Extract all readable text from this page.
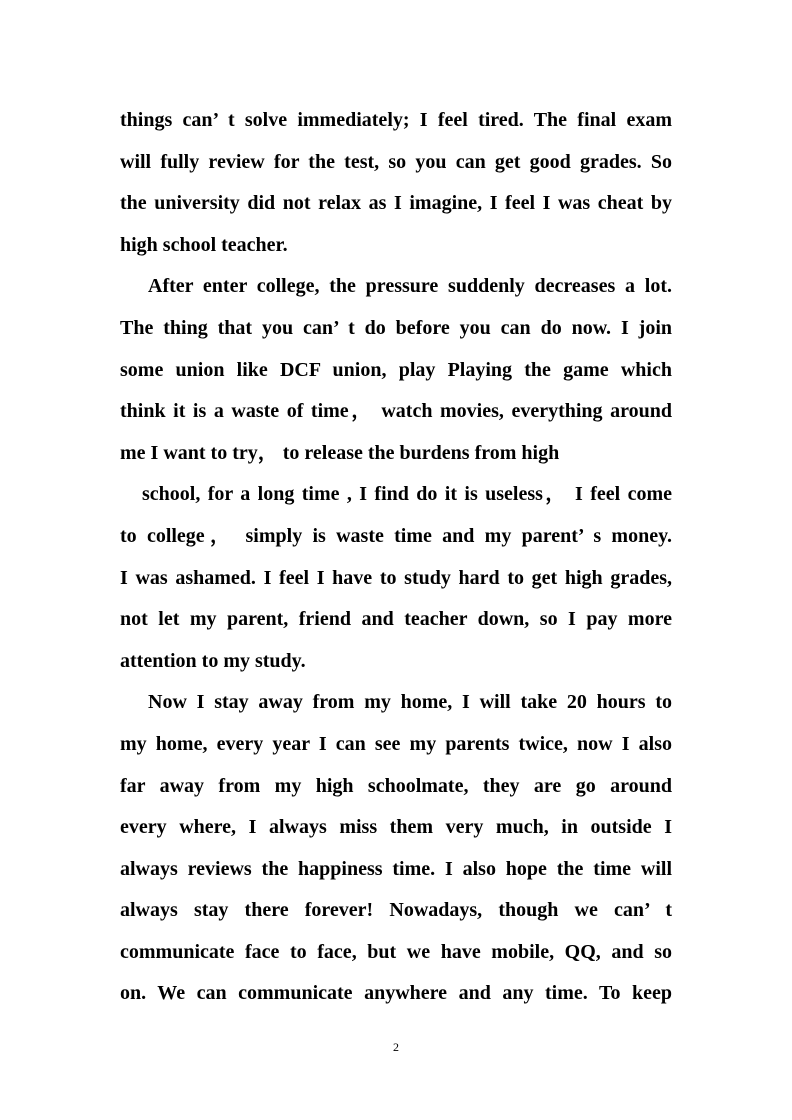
things can’ t solve immediately; I feel tired. The final exam
will fully review for the test, so you can get good grades. So
the university did not relax as I imagine, I feel I was cheat by
high school teacher.
After enter college, the pressure suddenly decreases a lot.
The thing that you can’ t do before you can do now. I join
some union like DCF union, play Playing the game which
think it is a waste of time， watch movies, everything around
me I want to try， to release the burdens from high
school, for a long time , I find do it is useless， I feel come
to college， simply is waste time and my parent’ s money.
I was ashamed. I feel I have to study hard to get high grades,
not let my parent, friend and teacher down, so I pay more
attention to my study.
Now I stay away from my home, I will take 20 hours to
my home, every year I can see my parents twice, now I also
far away from my high schoolmate, they are go around
every where, I always miss them very much, in outside I
always reviews the happiness time. I also hope the time will
always stay there forever! Nowadays, though we can’ t
communicate face to face, but we have mobile, QQ, and so
on. We can communicate anywhere and any time. To keep
2
